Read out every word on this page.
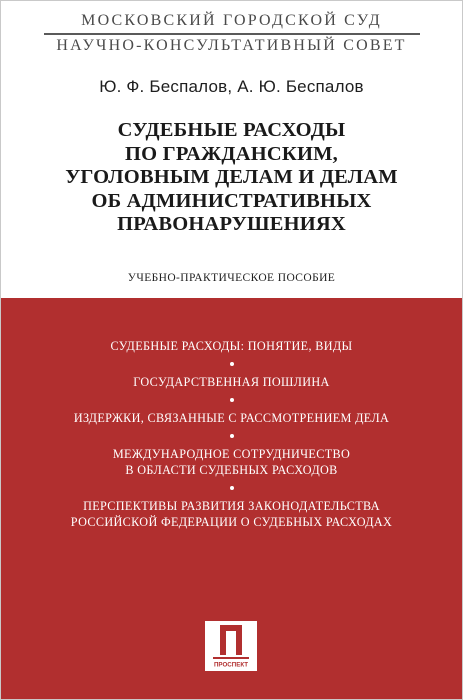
МОСКОВСКИЙ ГОРОДСКОЙ СУД
НАУЧНО-КОНСУЛЬТАТИВНЫЙ СОВЕТ
Ю. Ф. Беспалов, А. Ю. Беспалов
СУДЕБНЫЕ РАСХОДЫ
ПО ГРАЖДАНСКИМ,
УГОЛОВНЫМ ДЕЛАМ И ДЕЛАМ
ОБ АДМИНИСТРАТИВНЫХ
ПРАВОНАРУШЕНИЯХ
УЧЕБНО-ПРАКТИЧЕСКОЕ ПОСОБИЕ
СУДЕБНЫЕ РАСХОДЫ: ПОНЯТИЕ, ВИДЫ
ГОСУДАРСТВЕННАЯ ПОШЛИНА
ИЗДЕРЖКИ, СВЯЗАННЫЕ С РАССМОТРЕНИЕМ ДЕЛА
МЕЖДУНАРОДНОЕ СОТРУДНИЧЕСТВО
В ОБЛАСТИ СУДЕБНЫХ РАСХОДОВ
ПЕРСПЕКТИВЫ РАЗВИТИЯ ЗАКОНОДАТЕЛЬСТВА
РОССИЙСКОЙ ФЕДЕРАЦИИ О СУДЕБНЫХ РАСХОДАХ
ПРОСПЕКТ
